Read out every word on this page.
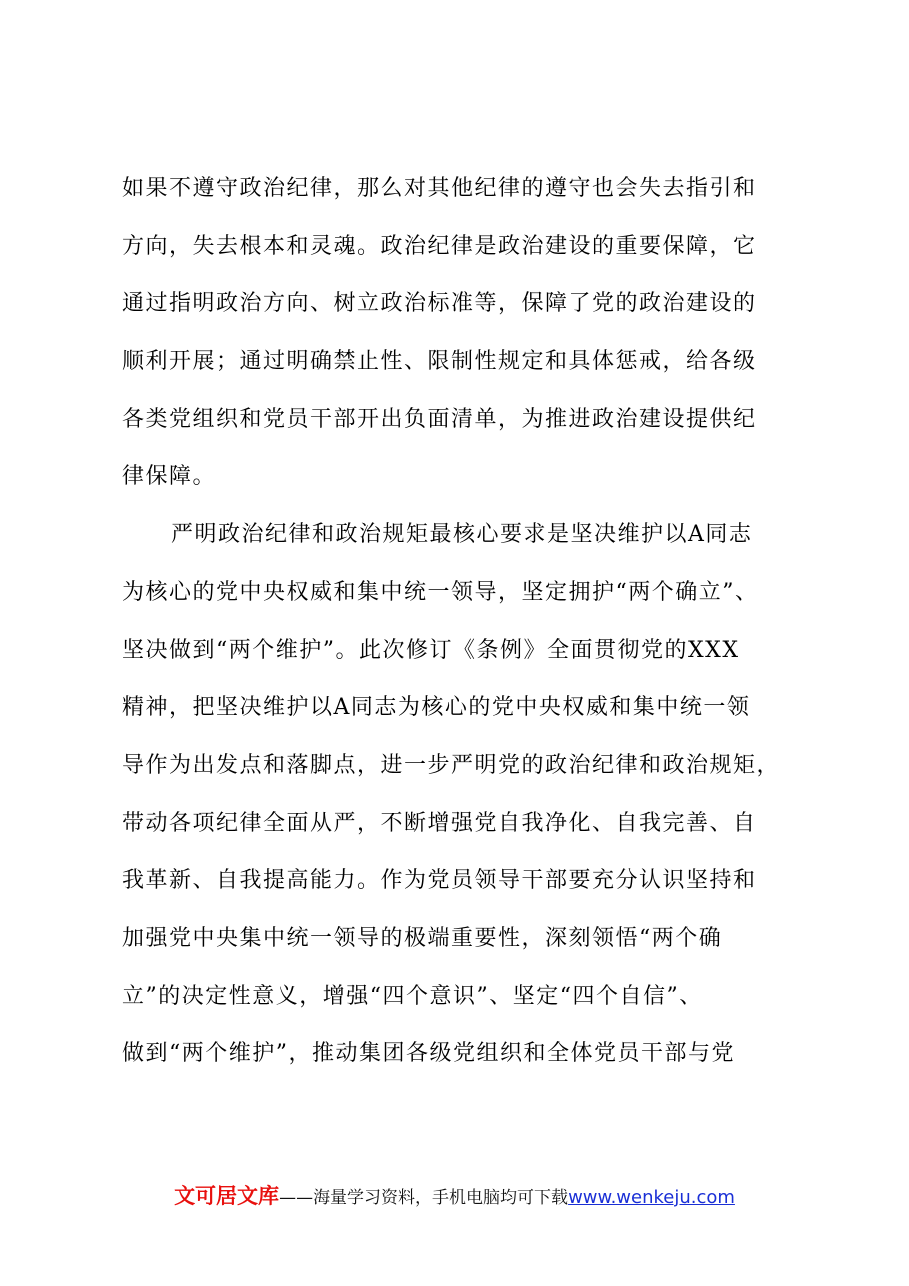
如果不遵守政治纪律，那么对其他纪律的遵守也会失去指引和
方向，失去根本和灵魂。政治纪律是政治建设的重要保障，它
通过指明政治方向、树立政治标准等，保障了党的政治建设的
顺利开展；通过明确禁止性、限制性规定和具体惩戒，给各级
各类党组织和党员干部开出负面清单，为推进政治建设提供纪
律保障。
严明政治纪律和政治规矩最核心要求是坚决维护以A同志
为核心的党中央权威和集中统一领导，坚定拥护“两个确立”、
坚决做到“两个维护”。此次修订《条例》全面贯彻党的XXX
精神，把坚决维护以A同志为核心的党中央权威和集中统一领
导作为出发点和落脚点，进一步严明党的政治纪律和政治规矩，
带动各项纪律全面从严，不断增强党自我净化、自我完善、自
我革新、自我提高能力。作为党员领导干部要充分认识坚持和
加强党中央集中统一领导的极端重要性，深刻领悟“两个确
立”的决定性意义，增强“四个意识”、坚定“四个自信”、
做到“两个维护”，推动集团各级党组织和全体党员干部与党
文可居文库——海量学习资料，手机电脑均可下载www.wenkeju.com
